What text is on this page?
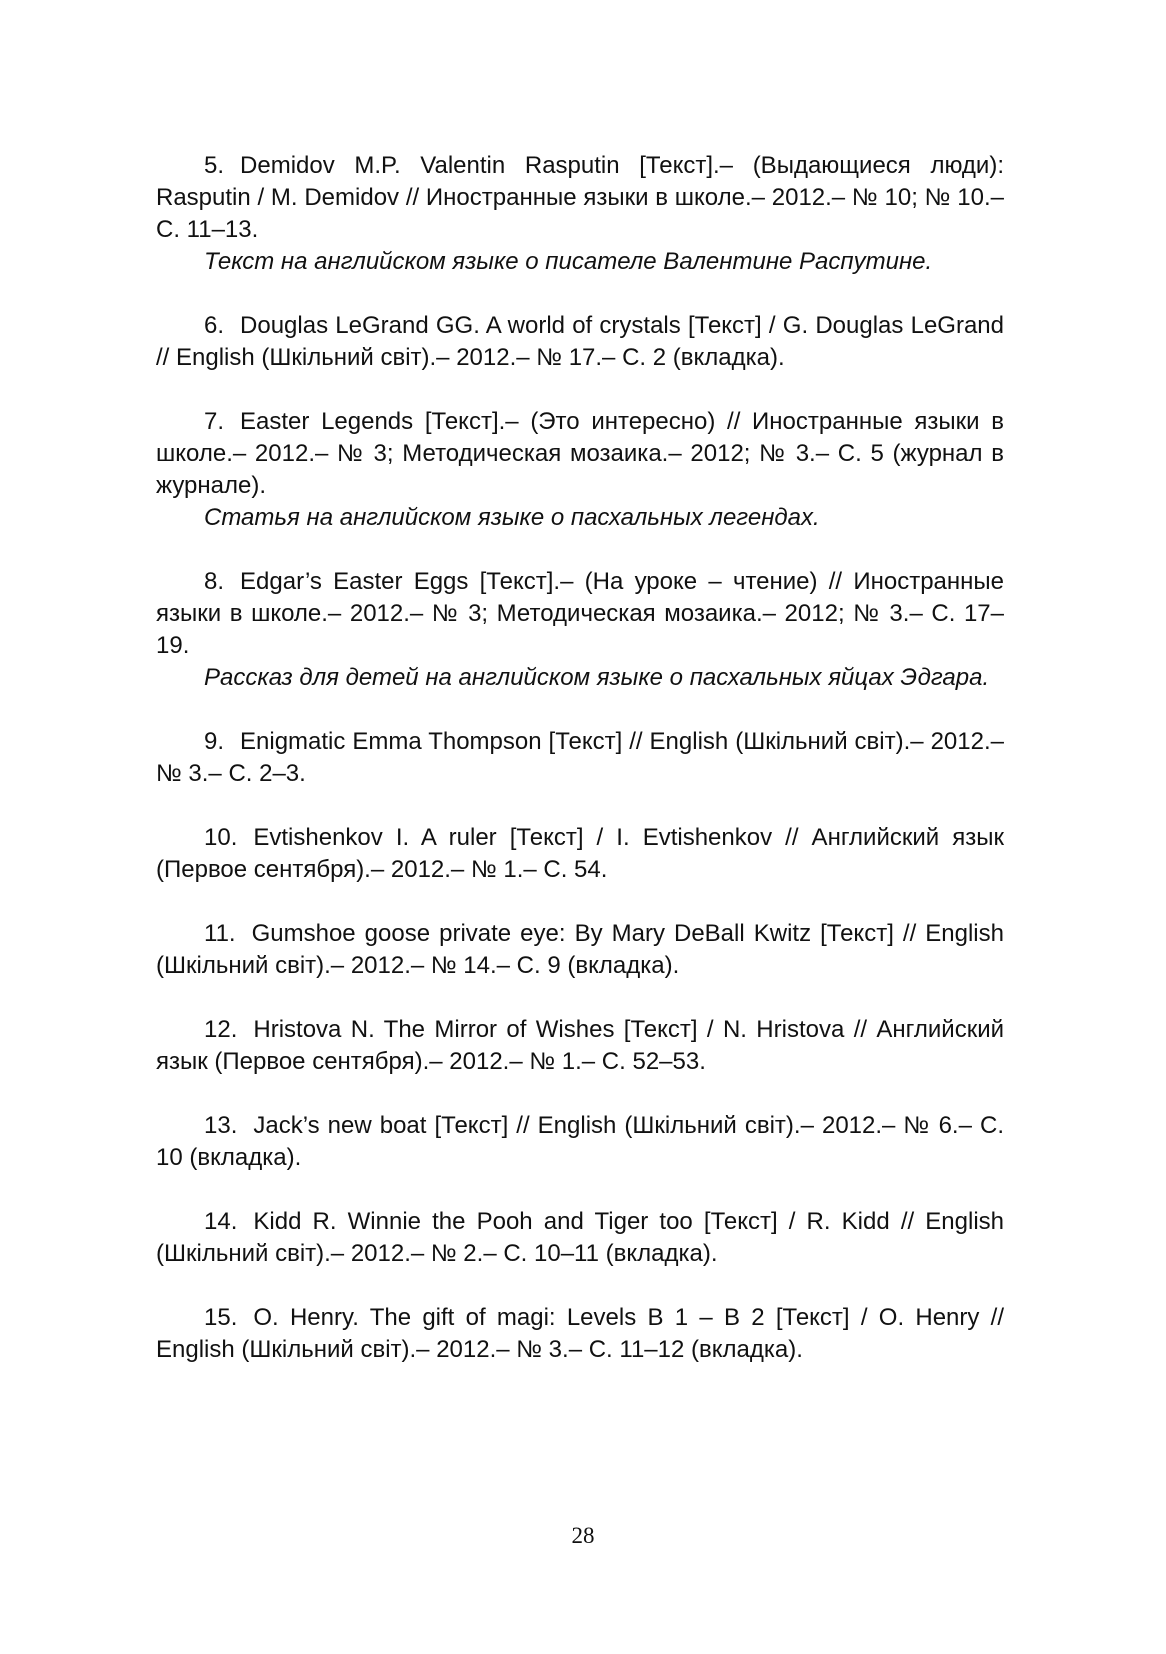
5. Demidov M.P. Valentin Rasputin [Текст].– (Выдающиеся люди): Rasputin / M. Demidov // Иностранные языки в школе.– 2012.– № 10; № 10.– С. 11–13.

Текст на английском языке о писателе Валентине Распутине.

6. Douglas LeGrand GG. A world of crystals [Текст] / G. Douglas LeGrand // English (Шкільний світ).– 2012.– № 17.– С. 2 (вкладка).

7. Easter Legends [Текст].– (Это интересно) // Иностранные языки в школе.– 2012.– № 3; Методическая мозаика.– 2012; № 3.– С. 5 (журнал в журнале).

Статья на английском языке о пасхальных легендах.

8. Edgar’s Easter Eggs [Текст].– (На уроке – чтение) // Иностранные языки в школе.– 2012.– № 3; Методическая мозаика.– 2012; № 3.– С. 17–19.

Рассказ для детей на английском языке о пасхальных яйцах Эдгара.

9. Enigmatic Emma Thompson [Текст] // English (Шкільний світ).– 2012.– № 3.– С. 2–3.

10. Evtishenkov I. A ruler [Текст] / I. Evtishenkov // Английский язык (Первое сентября).– 2012.– № 1.– С. 54.

11. Gumshoe goose private eye: By Mary DeBall Kwitz [Текст] // English (Шкільний світ).– 2012.– № 14.– С. 9 (вкладка).

12. Hristova N. The Mirror of Wishes [Текст] / N. Hristova // Английский язык (Первое сентября).– 2012.– № 1.– С. 52–53.

13. Jack’s new boat [Текст] // English (Шкільний світ).– 2012.– № 6.– С. 10 (вкладка).

14. Kidd R. Winnie the Pooh and Tiger too [Текст] / R. Kidd // English (Шкільний світ).– 2012.– № 2.– С. 10–11 (вкладка).

15. O. Henry. The gift of magi: Levels B 1 – B 2 [Текст] / O. Henry // English (Шкільний світ).– 2012.– № 3.– С. 11–12 (вкладка).

28
